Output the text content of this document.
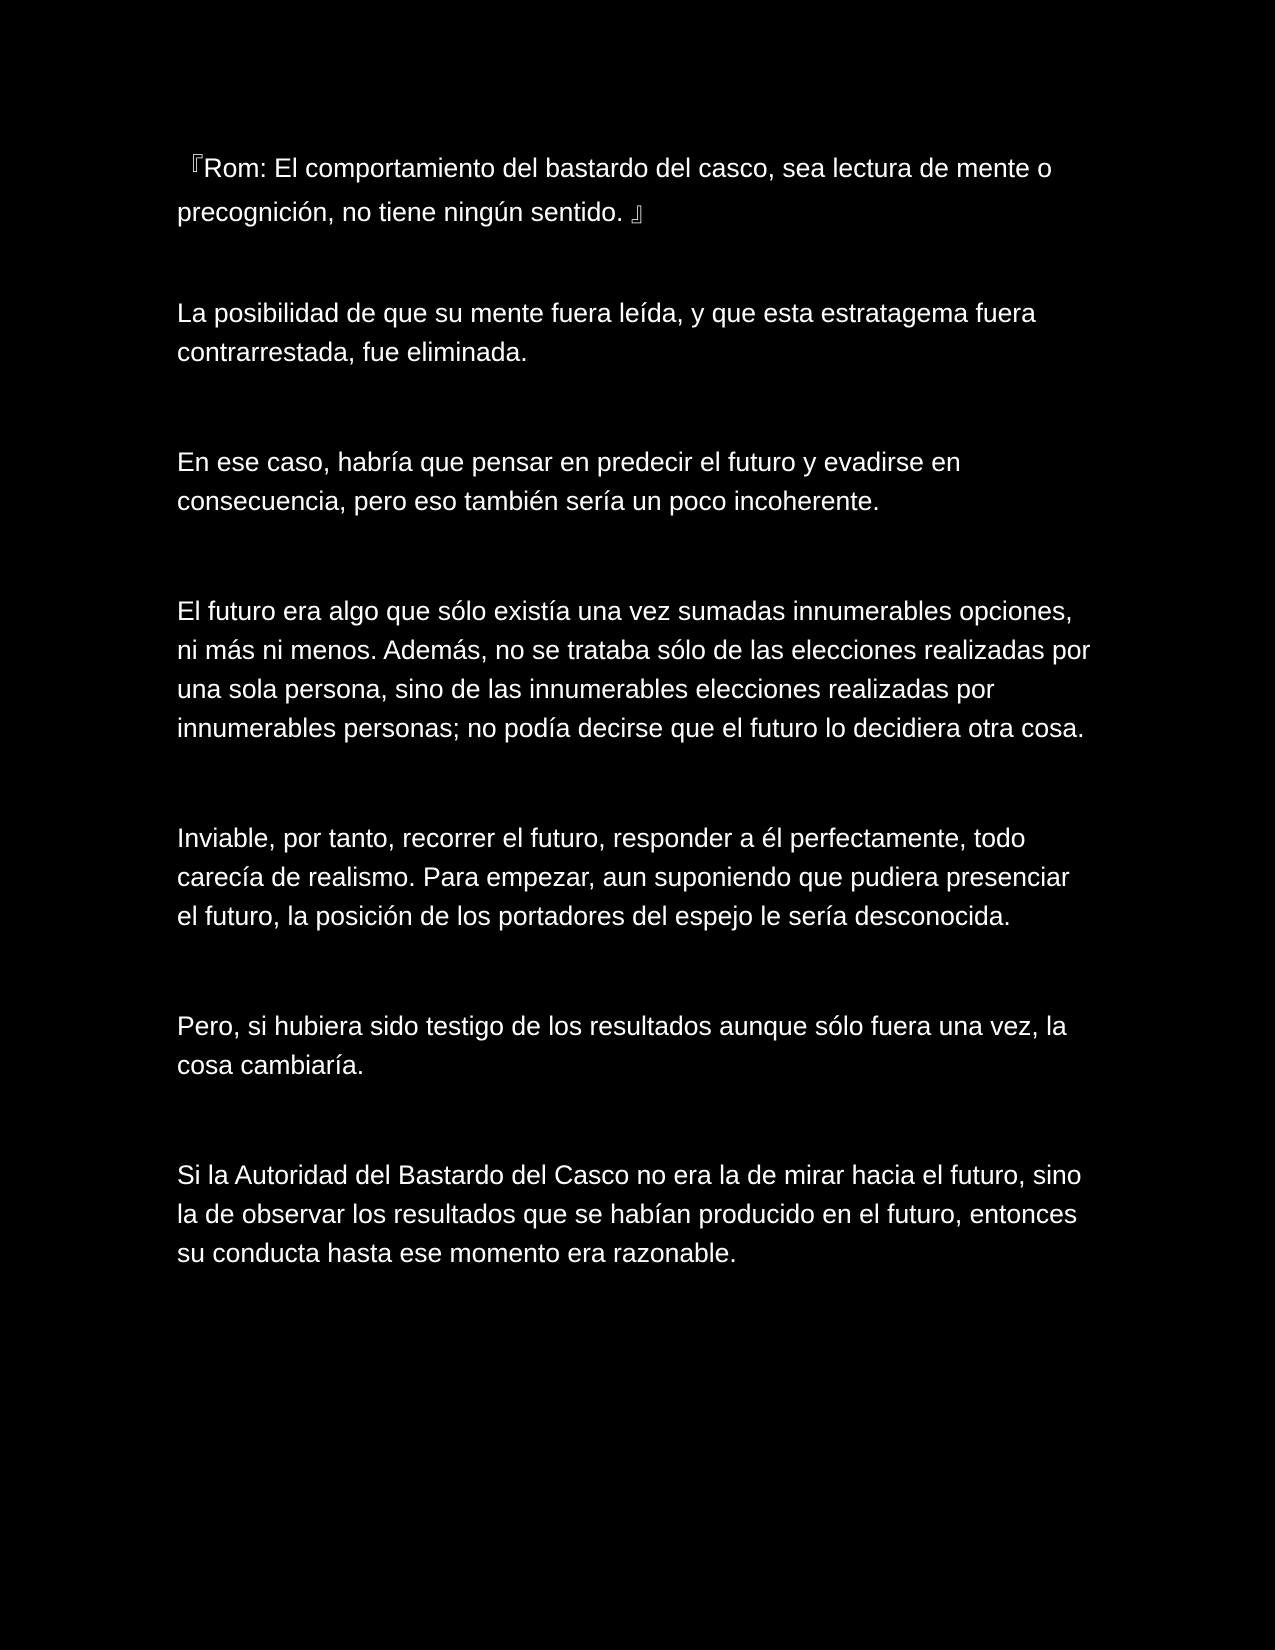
『Rom: El comportamiento del bastardo del casco, sea lectura de mente o precognición, no tiene ningún sentido. 』

La posibilidad de que su mente fuera leída, y que esta estratagema fuera contrarrestada, fue eliminada.

En ese caso, habría que pensar en predecir el futuro y evadirse en consecuencia, pero eso también sería un poco incoherente.

El futuro era algo que sólo existía una vez sumadas innumerables opciones, ni más ni menos. Además, no se trataba sólo de las elecciones realizadas por una sola persona, sino de las innumerables elecciones realizadas por innumerables personas; no podía decirse que el futuro lo decidiera otra cosa.

Inviable, por tanto, recorrer el futuro, responder a él perfectamente, todo carecía de realismo. Para empezar, aun suponiendo que pudiera presenciar el futuro, la posición de los portadores del espejo le sería desconocida.

Pero, si hubiera sido testigo de los resultados aunque sólo fuera una vez, la cosa cambiaría.

Si la Autoridad del Bastardo del Casco no era la de mirar hacia el futuro, sino la de observar los resultados que se habían producido en el futuro, entonces su conducta hasta ese momento era razonable.
